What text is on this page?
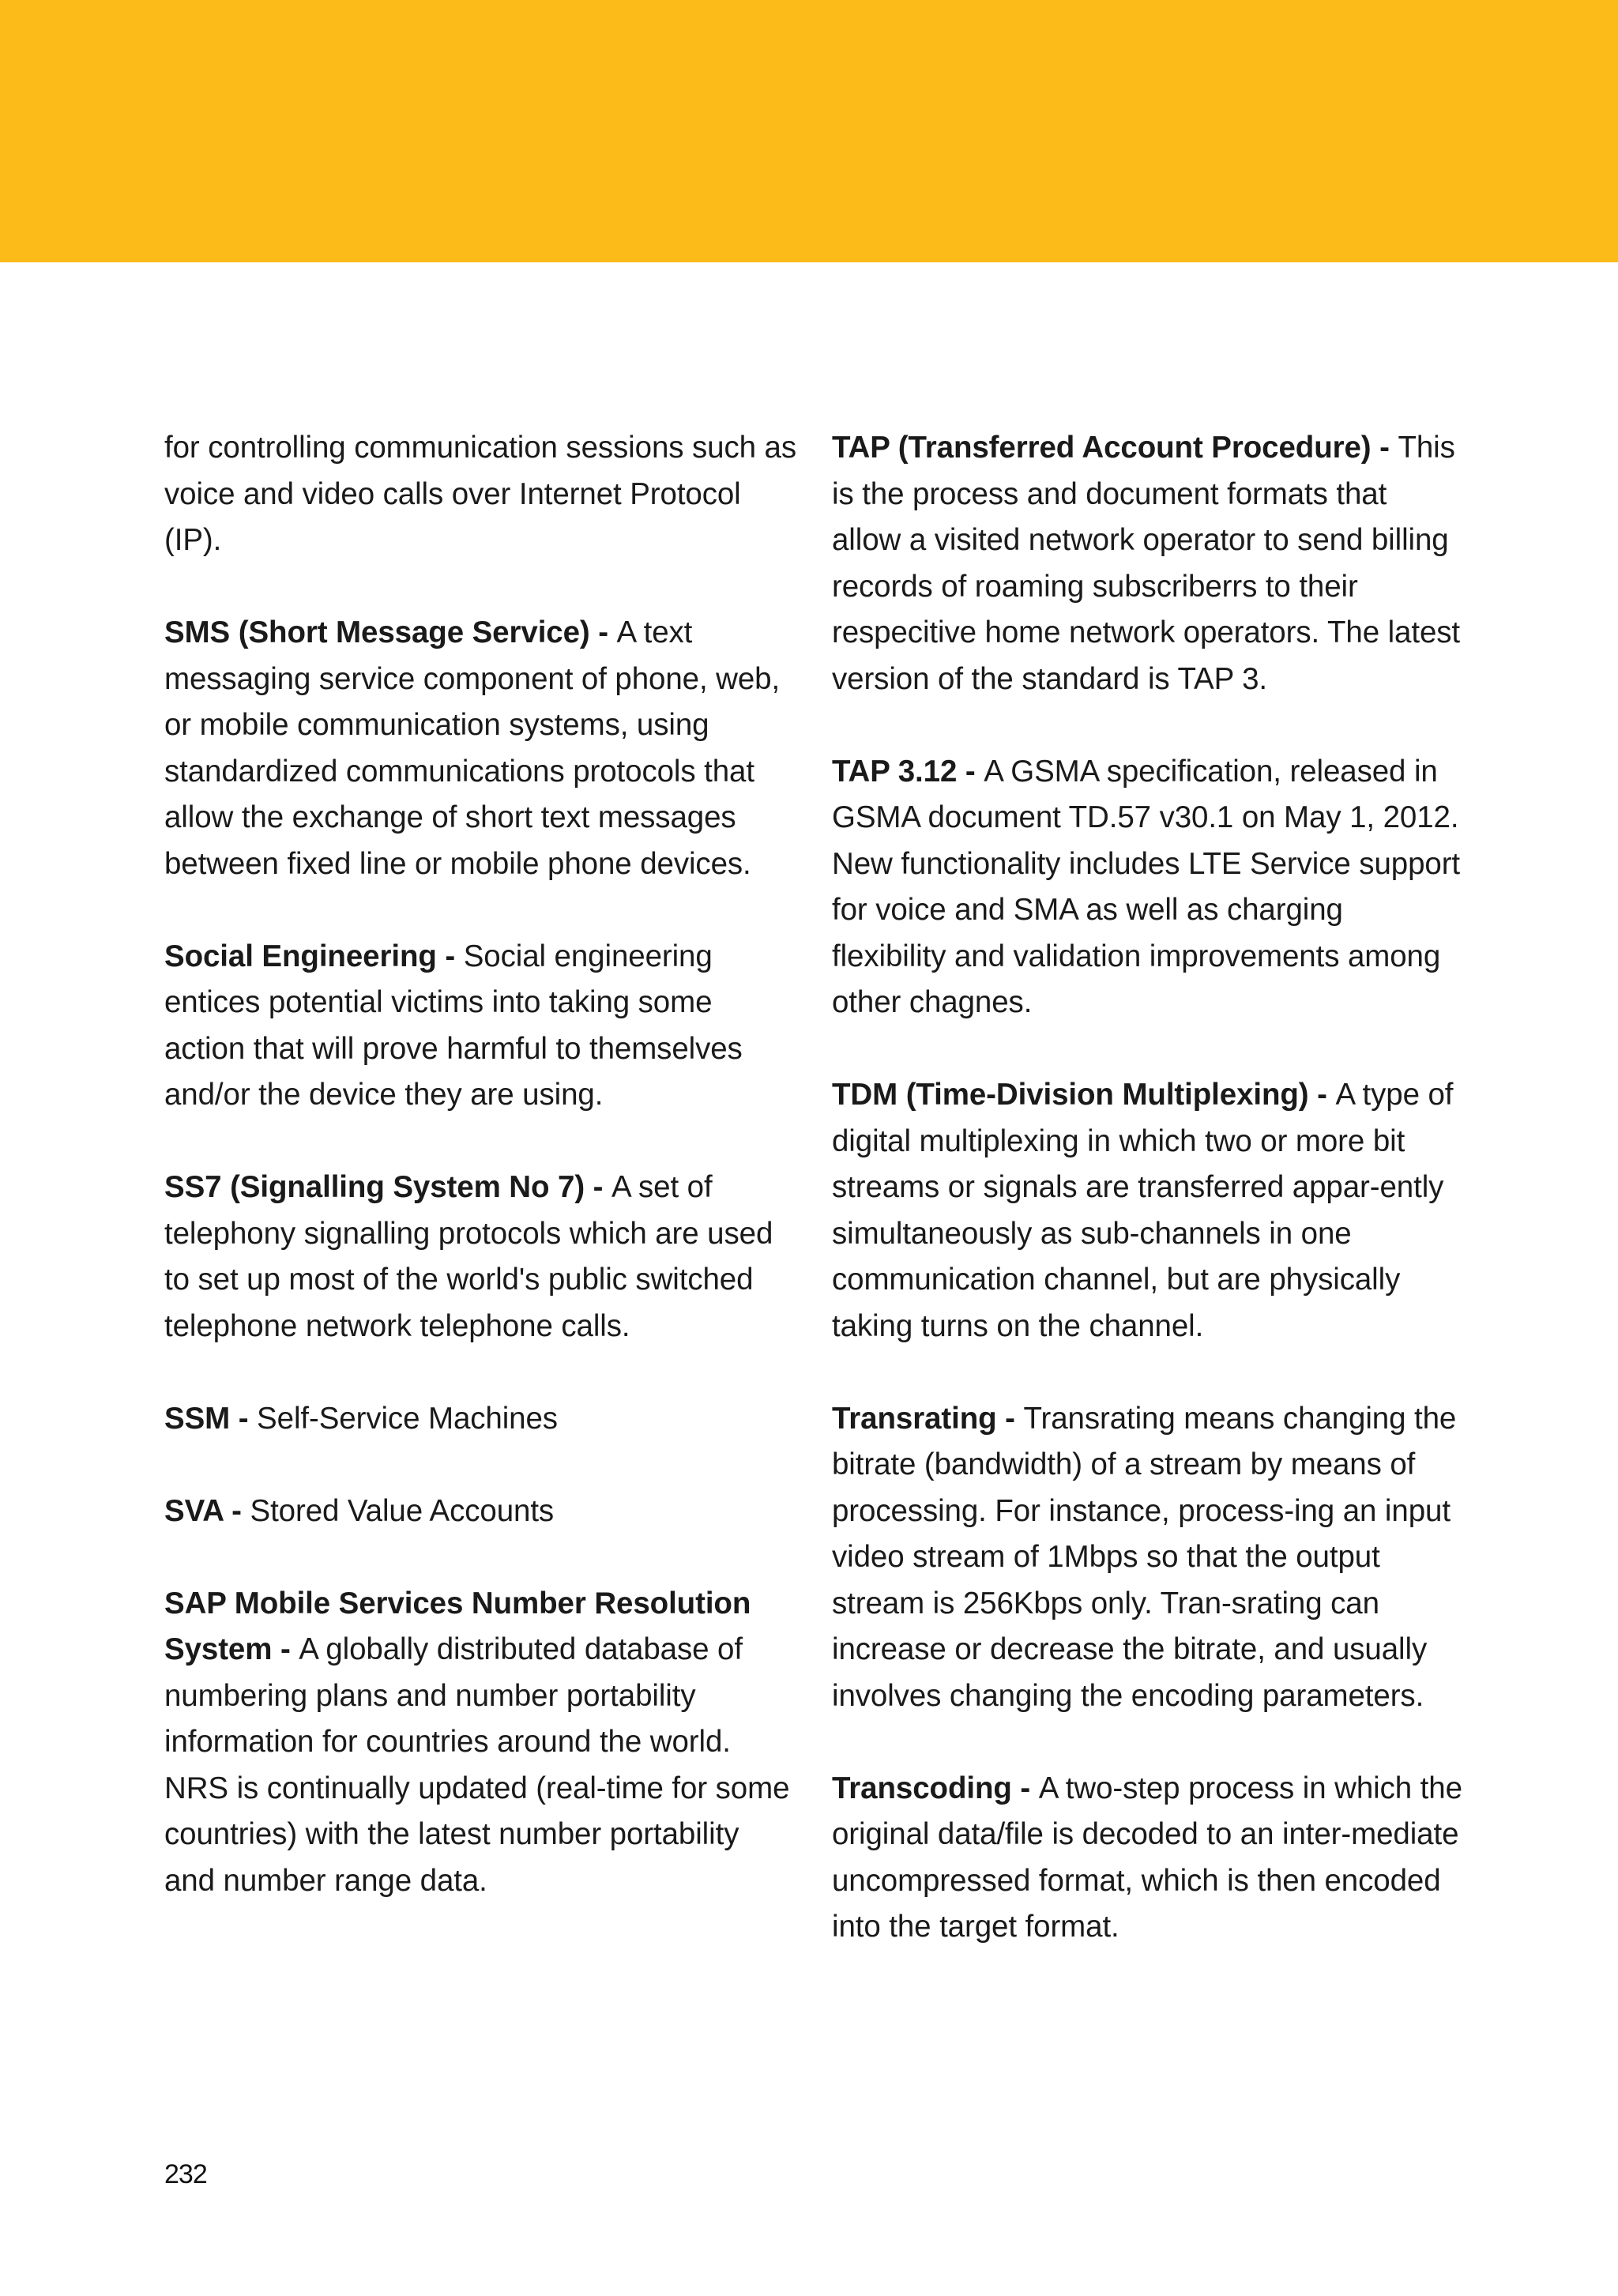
for controlling communication sessions such as voice and video calls over Internet Protocol (IP).

SMS (Short Message Service) - A text messaging service component of phone, web, or mobile communication systems, using standardized communications protocols that allow the exchange of short text messages between fixed line or mobile phone devices.

Social Engineering - Social engineering entices potential victims into taking some action that will prove harmful to themselves and/or the device they are using.

SS7 (Signalling System No 7) - A set of telephony signalling protocols which are used to set up most of the world's public switched telephone network telephone calls.

SSM - Self-Service Machines

SVA - Stored Value Accounts

SAP Mobile Services Number Resolution System - A globally distributed database of numbering plans and number portability information for countries around the world. NRS is continually updated (real-time for some countries) with the latest number portability and number range data.

TAP (Transferred Account Procedure) - This is the process and document formats that allow a visited network operator to send billing records of roaming subscriberrs to their respecitive home network operators. The latest version of the standard is TAP 3.

TAP 3.12 - A GSMA specification, released in GSMA document TD.57 v30.1 on May 1, 2012. New functionality includes LTE Service support for voice and SMA as well as charging flexibility and validation improvements among other chagnes.

TDM (Time-Division Multiplexing) - A type of digital multiplexing in which two or more bit streams or signals are transferred appar-ently simultaneously as sub-channels in one communication channel, but are physically taking turns on the channel.

Transrating - Transrating means changing the bitrate (bandwidth) of a stream by means of processing. For instance, process-ing an input video stream of 1Mbps so that the output stream is 256Kbps only. Tran-srating can increase or decrease the bitrate, and usually involves changing the encoding parameters.

Transcoding - A two-step process in which the original data/file is decoded to an inter-mediate uncompressed format, which is then encoded into the target format.

232
